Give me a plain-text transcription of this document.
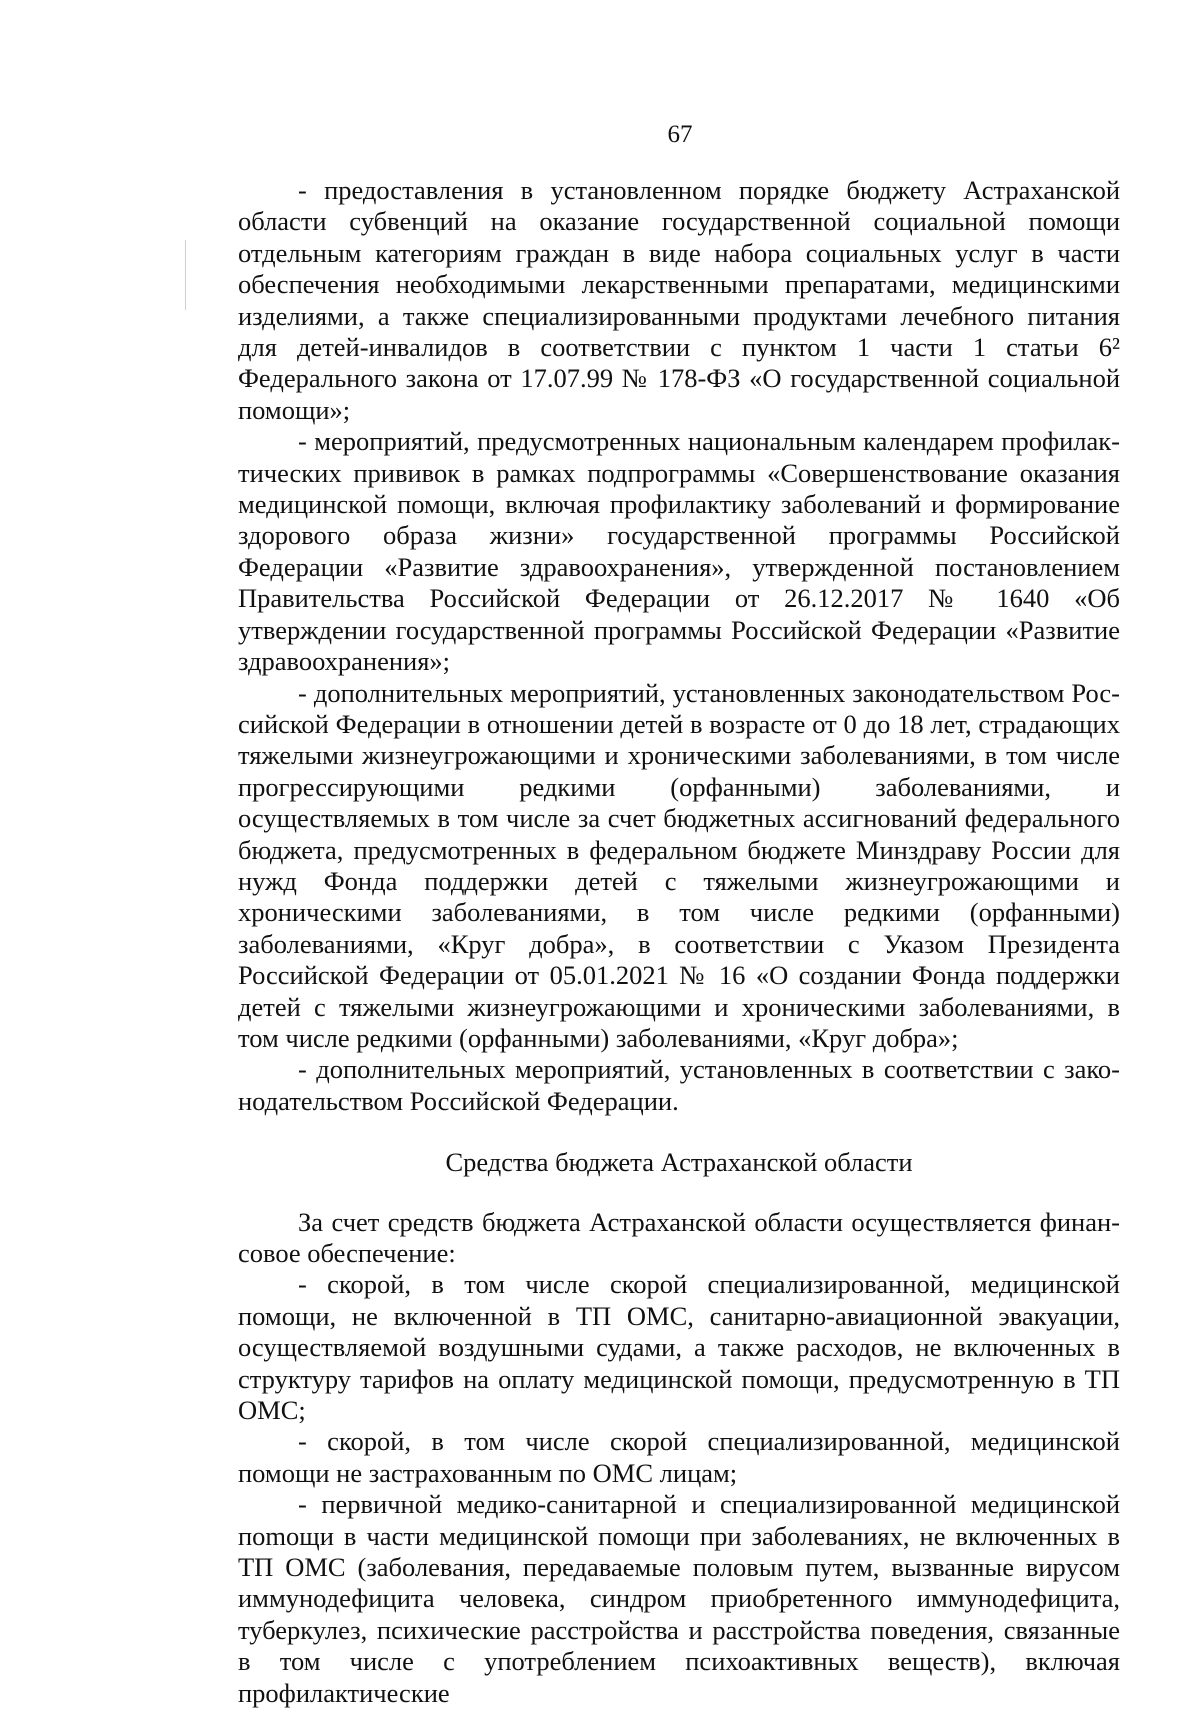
67

- предоставления в установленном порядке бюджету Астраханской области субвенций на оказание государственной социальной помощи отдельным категориям граждан в виде набора социальных услуг в части обеспечения необходимыми лекарственными препаратами, медицинскими изделиями, а также специализированными продуктами лечебного питания для детей-инвалидов в соответствии с пунктом 1 части 1 статьи 6² Федерального закона от 17.07.99 № 178-ФЗ «О государственной социальной помощи»;

- мероприятий, предусмотренных национальным календарем профилактических прививок в рамках подпрограммы «Совершенствование оказания медицинской помощи, включая профилактику заболеваний и формирование здорового образа жизни» государственной программы Российской Федерации «Развитие здравоохранения», утвержденной постановлением Правительства Российской Федерации от 26.12.2017 № 1640 «Об утверждении государственной программы Российской Федерации «Развитие здравоохранения»;

- дополнительных мероприятий, установленных законодательством Российской Федерации в отношении детей в возрасте от 0 до 18 лет, страдающих тяжелыми жизнеугрожающими и хроническими заболеваниями, в том числе прогрессирующими редкими (орфанными) заболеваниями, и осуществляемых в том числе за счет бюджетных ассигнований федерального бюджета, предусмотренных в федеральном бюджете Минздраву России для нужд Фонда поддержки детей с тяжелыми жизнеугрожающими и хроническими заболеваниями, в том числе редкими (орфанными) заболеваниями, «Круг добра», в соответствии с Указом Президента Российской Федерации от 05.01.2021 № 16 «О создании Фонда поддержки детей с тяжелыми жизнеугрожающими и хроническими заболеваниями, в том числе редкими (орфанными) заболеваниями, «Круг добра»;

- дополнительных мероприятий, установленных в соответствии с законодательством Российской Федерации.

Средства бюджета Астраханской области

За счет средств бюджета Астраханской области осуществляется финансовое обеспечение:

- скорой, в том числе скорой специализированной, медицинской помощи, не включенной в ТП ОМС, санитарно-авиационной эвакуации, осуществляемой воздушными судами, а также расходов, не включенных в структуру тарифов на оплату медицинской помощи, предусмотренную в ТП ОМС;

- скорой, в том числе скорой специализированной, медицинской помощи не застрахованным по ОМС лицам;

- первичной медико-санитарной и специализированной медицинской поmощи в части медицинской помощи при заболеваниях, не включенных в ТП ОМС (заболевания, передаваемые половым путем, вызванные вирусом иммунодефицита человека, синдром приобретенного иммунодефицита, туберкулез, психические расстройства и расстройства поведения, связанные в том числе с употреблением психоактивных веществ), включая профилактические
